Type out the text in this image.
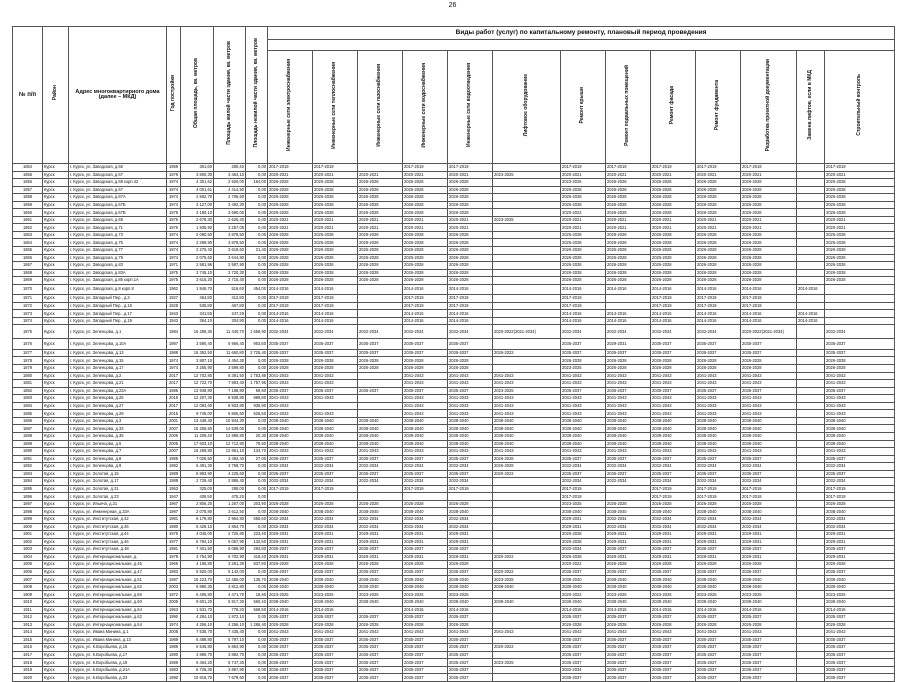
26
№ п/п	Район	Адрес многоквартирного дома (далее – МКД)	Год постройки	Общая площадь, кв. метров	Площадь жилой части здания, кв. метров	Площадь нежилой части здания, кв. метров	Виды работ (услуг) по капитальному ремонту, плановый период проведения												

							Инженерные сети электроснабжения	Инженерные сети теплоснабжения	Инженерные сети газоснабжения	Инженерные сети водоснабжения	Инженерные сети водоотведения	Лифтовое оборудование	Ремонт крыши	Ремонт подвальных помещений	Ремонт фасада	Ремонт фундамента	Разработка проектной документации	Замена лифтов, если в МКД	Строительный контроль
1854	Курск	г. Курск, ул. Заводская, д.66	1959	301,60	280,40	0,00	2017-2019	2017-2019		2017-2019	2017-2019		2017-2019	2017-2019	2017-2019	2017-2019	2017-2019		2017-2019
1855	Курск	г. Курск, ул. Заводская, д.67	1978	3 800,30	3 464,10	0,00	2020-2021	2020-2021	2020-2021	2020-2021	2020-2021	2023-2025	2020-2021	2020-2021	2020-2021	2020-2021	2020-2021		2020-2021
1856	Курск	г. Курск, ул. Заводская, д.68 корп.42	1974	4 301,62	2 926,00	164,00	2026-2028	2026-2028	2026-2028	2026-2028	2026-2028		2023-2025	2026-2028	2026-2028	2026-2028	2026-2028		2026-2028
1857	Курск	г. Курск, ул. Заводская, д.67	1974	4 001,61	4 414,50	0,00	2026-2028	2026-2028	2026-2028	2026-2028	2026-2028		2026-2028	2026-2028	2026-2028	2026-2028	2026-2028		2026-2028
1858	Курск	г. Курск, ул. Заводская, д.67А	1974	2 582,70	2 708,60	0,00	2026-2028	2026-2028	2026-2028	2026-2028	2026-2028		2026-2028	2026-2028	2026-2028	2026-2028	2026-2028		2026-2028
1859	Курск	г. Курск, ул. Заводская, д.67Б	1974	3 127,00	3 492,30	0,00	2026-2028	2026-2028	2026-2028	2026-2028	2026-2028		2026-2028	2026-2028	2026-2028	2026-2028	2026-2028		2026-2028
1860	Курск	г. Курск, ул. Заводская, д.67В	1975	3 180,10	3 690,00	0,00	2026-2028	2026-2028	2026-2028	2026-2028	2026-2028		2020-2022	2026-2028	2026-2028	2026-2028	2026-2028		2026-2028
1861	Курск	г. Курск, ул. Заводская, д.69	1976	2 678,30	2 626,40	0,00	2020-2021	2020-2021	2020-2021	2020-2021	2020-2021	2023-2025	2020-2021	2020-2021	2020-2021	2020-2021	2020-2021		2020-2021
1862	Курск	г. Курск, ул. Заводская, д.71	1976	1 935,90	3 257,05	0,00	2020-2021	2020-2021	2020-2021	2020-2021	2020-2021		2020-2021	2020-2021	2020-2021	2020-2021	2020-2021		2020-2021
1863	Курск	г. Курск, ул. Заводская, д.73	1974	2 090,50	3 878,50	0,00	2026-2028	2026-2028	2026-2028	2026-2028	2026-2028		2026-2028	2026-2028	2026-2028	2026-2028	2026-2028		2026-2028
1864	Курск	г. Курск, ул. Заводская, д.75	1974	2 298,90	3 878,50	0,00	2026-2028	2026-2028	2026-2028	2026-2028	2026-2028		2026-2028	2026-2028	2026-2028	2026-2028	2026-2028		2026-2028
1865	Курск	г. Курск, ул. Заводская, д.77	1974	2 276,40	3 619,60	21,40	2026-2028	2026-2028	2026-2028	2026-2028	2026-2028		2026-2028	2026-2028	2026-2028	2026-2028	2026-2028		2026-2028
1866	Курск	г. Курск, ул. Заводская, д.79	1974	2 075,60	3 644,80	0,00	2026-2028	2026-2028	2026-2028	2026-2028	2026-2028		2026-2028	2026-2028	2026-2028	2026-2028	2026-2028		2026-2028
1867	Курск	г. Курск, ул. Заводская, д.83	1971	2 581,96	2 587,90	0,00	2026-2028	2026-2028	2026-2028	2026-2028	2026-2028		2026-2028	2026-2028	2026-2028	2026-2028	2026-2028		2026-2028
1868	Курск	г. Курск, ул. Заводская, д.83А	1975	3 745,10	2 720,30	0,00	2026-2028	2026-2028	2026-2028	2026-2028	2026-2028		2026-2028	2026-2028	2026-2028	2026-2028	2026-2028		2026-2028
1869	Курск	г. Курск, ул. Заводская, д.85 корп.1А	1975	3 616,20	2 715,40	0,00	2026-2028	2026-2028	2026-2028	2026-2028	2026-2028		2026-2028	2026-2028	2026-2028	2026-2028	2026-2028		2026-2028
1870	Курск	г. Курск, ул. Заводская, д.8 корп.8	1962	1 946,70	516,60	454,00	2014-2016	2014-2016		2014-2016	2014-2016		2014-2016	2014-2016	2014-2016	2014-2016	2014-2016	2014-2016	
1871	Курск	г. Курск, ул. Западный Пер., д.3	1927	464,80	412,80	0,00	2017-2019	2017-2019		2017-2019	2017-2019		2017-2019		2017-2019	2017-2019	2017-2019		
1872	Курск	г. Курск, ул. Западный Пер., д.15	1928	535,80	467,80	0,00	2017-2019	2017-2019		2017-2019	2017-2019		2017-2019		2017-2019	2017-2019	2017-2019		
1873	Курск	г. Курск, ул. Западный Пер., д.17	1943	341,55	247,29	0,00	2014-2016	2014-2016		2014-2016	2014-2016		2014-2016	2014-2016	2014-2016	2014-2016	2014-2016	2014-2016	
1874	Курск	г. Курск, ул. Западный Пер., д.19	1943	364,10	304,90	0,00	2014-2016	2014-2016		2014-2016	2014-2016		2014-2016	2014-2016	2014-2016	2014-2016	2014-2016	2014-2016	
1875	Курск	г. Курск, ул. Зеленцова, д.1	1984	16 259,30	11 440,70	1 658,90	2032-2034	2032-2034	2032-2034	2032-2034	2032-2034	2020-2022(2021-2034)	2032-2034	2032-2034	2032-2034	2032-2034	2020-2022(2021-2034)		2032-2034
1876	Курск	г. Курск, ул. Зеленцова, д.10А	1987	3 590,40	5 966,40	953,50	2035-2037	2035-2037	2035-2037	2035-2037	2035-2037		2035-2037	2029-2031	2035-2037	2035-2037	2035-2037		2035-2037
1877	Курск	г. Курск, ул. Зеленцова, д.13	1988	16 352,50	11 660,80	2 725,40	2035-2037	2035-2037	2035-2037	2035-2037	2035-2037	2026-2022	2035-2037	2035-2037	2035-2037	2035-2037	2035-2037		2035-2037
1878	Курск	г. Курск, ул. Зеленцова, д.15	1974	3 887,10	4 454,30	0,00	2026-2028	2026-2028	2026-2028	2026-2028	2026-2028		2026-2028	2026-2028	2026-2028	2026-2028	2026-2028		2026-2028
1879	Курск	г. Курск, ул. Зеленцова, д.17	1974	3 255,90	3 599,80	0,00	2026-2028	2026-2028	2026-2028	2026-2028	2026-2028		2023-2025	2026-2028	2026-2028	2026-2028	2026-2028		2026-2028
1880	Курск	г. Курск, ул. Зеленцова, д.2	2017	12 702,80	8 391,50	1 753,86	2041-2043	2041-2043		2041-2043	2041-2043	2041-2043	2041-2043	2041-2043	2041-2043	2041-2043	2041-2043		2041-2043
1881	Курск	г. Курск, ул. Зеленцова, д.21	2017	12 722,70	7 993,40	1 757,96	2041-2043	2041-2043		2041-2043	2041-2043	2041-2043	2041-2043	2041-2043	2041-2043	2041-2043	2041-2043		2041-2043
1882	Курск	г. Курск, ул. Зеленцова, д.23А	1985	13 938,80	7 188,80	59,60	2035-2037	2035-2037	2035-2037	2035-2037	2035-2037	2023-2025	2035-2037	2035-2037	2035-2037	2035-2037	2035-2037		2035-2037
1883	Курск	г. Курск, ул. Зеленцова, д.25	2016	12 207,30	8 938,80	899,80	2041-2043	2041-2043		2041-2043	2041-2043	2041-2043	2041-2043	2041-2043	2041-2043	2041-2043	2041-2043		2041-2043
1884	Курск	г. Курск, ул. Зеленцова, д.27	2017	12 093,60	8 933,80	936,90	2041-2043			2041-2043	2041-2043	2041-2043	2041-2043	2041-2043	2041-2043	2041-2043	2041-2043		2041-2043
1885	Курск	г. Курск, ул. Зеленцова, д.29	2015	9 745,00	5 806,60	526,50	2041-2043	2041-2043		2041-2043	2041-2043	2041-2043	2041-2043	2041-2043	2041-2043	2041-2043	2041-2043		2041-2043
1886	Курск	г. Курск, ул. Зеленцова, д.3	2001	13 448,40	10 944,30	0,00	2038-2040	2038-2040	2038-2040	2038-2040	2038-2040	2038-2040	2038-2040	2038-2040	2038-2040	2038-2040	2038-2040		2038-2040
1887	Курск	г. Курск, ул. Зеленцова, д.33	2007	15 255,50	14 539,00	0,00	2038-2040	2038-2040	2038-2040	2038-2040	2038-2040	2038-2040	2038-2040	2038-2040	2038-2040	2038-2040	2038-2040		2038-2040
1888	Курск	г. Курск, ул. Зеленцова, д.35	2006	11 209,40	14 888,80	20,30	2038-2040	2038-2040	2038-2040	2038-2040	2038-2040	2038-2040	2038-2040	2038-2040	2038-2040	2038-2040	2038-2040		2038-2040
1889	Курск	г. Курск, ул. Зеленцова, д.5	2005	17 603,10	12 712,80	79,60	2038-2040	2038-2040	2038-2040	2038-2040	2038-2040	2038-2040	2038-2040	2038-2040	2038-2040	2038-2040	2038-2040		2038-2040
1890	Курск	г. Курск, ул. Зеленцова, д.7	2007	16 268,80	12 861,10	134,70	2041-2043	2041-2043	2041-2043	2041-2043	2041-2043	2041-2043	2041-2043	2041-2043	2041-2043	2041-2043	2041-2043		2041-2043
1891	Курск	г. Курск, ул. Зеленцова, д.8	1985	7 026,50	3 492,40	27,00	2035-2037	2035-2037	2035-2037	2035-2037	2035-2037	2026-2028	2035-2037	2035-2037	2035-2037	2035-2037	2035-2037		2035-2037
1892	Курск	г. Курск, ул. Зеленцова, д.9	1982	6 491,30	3 758,70	0,00	2032-2034	2032-2034	2032-2034	2032-2034	2032-2034	2026-2028	2032-2034	2032-2034	2032-2034	2032-2034	2032-2034		2032-2034
1893	Курск	г. Курск, ул. Золотая, д.15	1989	6 993,90	4 225,60	0,00	2035-2037	2035-2037	2035-2037	2035-2037	2035-2037	2020-2022	2035-2037	2035-2037	2035-2037	2035-2037	2035-2037		2035-2037
1894	Курск	г. Курск, ул. Золотая, д.17	1988	2 729,40	2 886,40	0,00	2032-2034	2032-2034	2032-2034	2032-2034	2032-2034		2032-2034	2032-2034	2032-2034	2032-2034	2032-2034		2032-2034
1895	Курск	г. Курск, ул. Золотая, д.31	1953	325,00	288,00	0,00	2017-2019	2017-2019		2017-2019	2017-2019		2017-2019		2017-2019	2017-2019	2017-2019		2017-2019
1896	Курск	г. Курск, ул. Золотая, д.23	1947	406,50	475,20	0,00							2017-2019		2017-2019	2017-2019	2017-2019		2017-2019
1897	Курск	г. Курск, ул. Ильича, д.21	1967	2 806,20	1 267,00	203,90	2026-2028	2026-2028	2026-2028	2026-2028	2026-2028		2023-2025	2026-2028	2026-2028	2026-2028	2026-2028		2026-2028
1898	Курск	г. Курск, ул. Инженерная, д.33А	1997	2 078,80	3 612,50	0,00	2038-2040	2038-2040	2038-2040	2038-2040	2038-2040		2038-2040	2038-2040	2038-2040	2038-2040	2038-2040		2038-2040
1899	Курск	г. Курск, ул. Институтская, д.42	1981	6 179,80	2 964,80	655,60	2032-2034	2032-2034	2032-2034	2032-2034	2032-2034		2029-2031	2032-2034	2032-2034	2032-2034	2032-2034		2032-2034
1900	Курск	г. Курск, ул. Институтская, д.46	1980	5 428,10	4 854,70	0,00	2032-2034	2032-2034	2032-2034	2032-2034	2032-2034		2029-2031	2032-2034	2032-2034	2032-2034	2032-2034		2032-2034
1901	Курск	г. Курск, ул. Институтская, д.44	1976	4 045,00	2 726,80	223,40	2029-2031	2029-2031	2029-2031	2029-2031	2029-2031		2026-2028	2029-2031	2029-2031	2029-2031	2029-2031		2029-2031
1902	Курск	г. Курск, ул. Институтская, д.46	1977	5 794,10	6 057,90	132,50	2029-2031	2029-2031	2029-2031	2029-2031	2029-2031		2026-2028	2029-2031	2029-2031	2029-2031	2029-2031		2029-2031
1903	Курск	г. Курск, ул. Институтская, д.48	1981	7 401,50	5 088,90	293,80	2035-2037	2035-2037	2035-2037	2035-2037	2035-2037		2032-2034	2035-2037	2035-2037	2035-2037	2035-2037		2035-2037
1904	Курск	г. Курск, ул. Интернациональная, д.	1978	3 754,90	6 702,90	416,40	2029-2031	2029-2031	2029-2031	2029-2031	2029-2031	2020-2022	2026-2028	2029-2031	2029-2031	2029-2031	2029-2031		2029-2031
1905	Курск	г. Курск, ул. Интернациональная, д.45	1966	4 165,80	3 281,30	837,80	2026-2028	2026-2028	2026-2028	2026-2028	2026-2028		2020-2022	2026-2028	2026-2028	2026-2028	2026-2028		2026-2028
1906	Курск	г. Курск, ул. Интернациональная, д.47	1983	5 920,00	5 142,00	0,00	2035-2037	2035-2037	2035-2037	2035-2037	2035-2037	2020-2022	2035-2037	2035-2037	2035-2037	2035-2037	2035-2037		2035-2037
1907	Курск	г. Курск, ул. Интернациональная, д.51	1997	16 223,70	12 455,00	136,70	2038-2040	2038-2040	2038-2040	2038-2040	2038-2040	2023-2025	2038-2040	2038-2040	2038-2040	2038-2040	2038-2040		2038-2040
1908	Курск	г. Курск, ул. Интернациональная, д.52	2003	5 880,30	3 812,80	0,00	2038-2040	2038-2040	2038-2040	2038-2040	2038-2040	2038-2040	2038-2040	2038-2040	2038-2040	2038-2040	2038-2040		2038-2040
1909	Курск	г. Курск, ул. Интернациональная, д.56	1972	5 406,80	4 471,70	18,60	2023-2025	2023-2025	2023-2025	2023-2025	2023-2025		2020-2022	2023-2025	2023-2025	2023-2025	2023-2025		2023-2025
1910	Курск	г. Курск, ул. Интернациональная, д.60	2005	9 601,20	5 917,30	560,40	2038-2040	2038-2040	2038-2040	2038-2040	2038-2040	2038-2040	2038-2040	2038-2040	2038-2040	2038-2040	2038-2040		2038-2040
1911	Курск	г. Курск, ул. Интернациональная, д.64	1963	1 531,70	778,20	568,50	2014-2016	2014-2016		2014-2016	2014-2016		2014-2016	2014-2016	2014-2016	2014-2016	2014-2016		2014-2016
1912	Курск	г. Курск, ул. Интернациональная, д.62	1990	4 284,10	1 872,10	0,00	2035-2037	2035-2037	2035-2037	2035-2037	2035-2037		2035-2037	2035-2037	2035-2037	2035-2037	2035-2037		2035-2037
1913	Курск	г. Курск, ул. Интернациональная, д.64	1974	4 256,10	4 256,10	1 286,40	2026-2028	2026-2028	2026-2028	2026-2028	2026-2028		2026-2028	2026-2028	2026-2028	2026-2028	2026-2028		2026-2028
1914	Курск	г. Курск, ул. Ивана Минина, д.1	2008	7 535,70	7 435,40	0,00	2041-2043	2041-2043	2041-2043	2041-2043	2041-2043	2041-2043	2041-2043	2041-2043	2041-2043	2041-2043	2041-2043		2041-2043
1915	Курск	г. Курск, ул. Ивана Минина, д.13	1989	6 489,80	5 797,10	0,00	2035-2037	2035-2037	2035-2037	2035-2037	2035-2037		2035-2037	2035-2037	2035-2037	2035-2037	2035-2037		2035-2037
1916	Курск	г. Курск, ул. К.Воробьева, д.15	1989	6 546,80	5 864,90	0,00	2035-2037	2035-2037	2035-2037	2035-2037	2035-2037	2020-2022	2035-2037	2035-2037	2035-2037	2035-2037	2035-2037		2035-2037
1917	Курск	г. Курск, ул. К.Воробьева, д.17	1990	4 896,70	3 892,70	0,00	2035-2037	2035-2037	2035-2037	2035-2037	2035-2037		2035-2037	2035-2037	2035-2037	2035-2037	2035-2037		2035-2037
1918	Курск	г. Курск, ул. К.Воробьева, д.19	1989	6 494,20	5 747,30	0,00	2035-2037	2035-2037	2035-2037	2035-2037	2035-2037	2023-2025	2035-2037	2035-2037	2035-2037	2035-2037	2035-2037		2035-2037
1919	Курск	г. Курск, ул. К.Воробьева, д.21А	1983	5 726,30	3 857,90	0,00	2035-2037	2035-2037	2035-2037	2035-2037	2035-2037		2032-2034	2035-2037	2035-2037	2035-2037	2035-2037		2035-2037
1920	Курск	г. Курск, ул. К.Воробьева, д.23	1990	10 818,70	7 678,60	0,00	2035-2037	2035-2037	2035-2037	2035-2037	2035-2037		2035-2037	2035-2037	2035-2037	2035-2037	2035-2037		2035-2037
